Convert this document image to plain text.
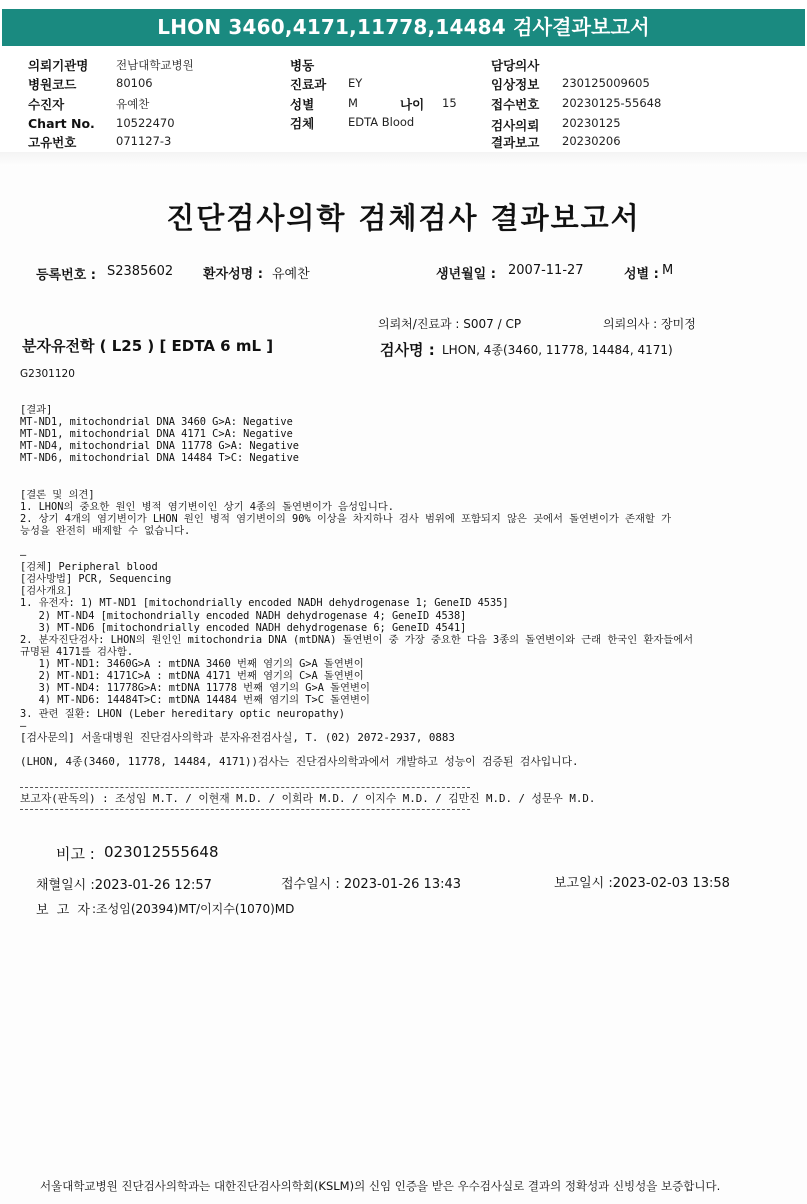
LHON 3460,4171,11778,14484 검사결과보고서
의뢰기관명 전남대학교병원
병원코드	80106
수진자	유예찬
Chart No. 10522470
고유번호	071127-3
병동
진료과 EY
성별	M	나이 15
검체	EDTA Blood
담당의사
임상정보 230125009605
접수번호 20230125-55648
검사의뢰 20230125
결과보고 20230206
진단검사의학 검체검사 결과보고서
등록번호 : S2385602 환자성명 : 유예찬	생년월일 : 2007-11-27	성별 : M
의뢰처/진료과 : S007 / CP	의뢰의사 : 장미정
분자유전학 ( L25 ) [ EDTA 6 mL ]	검사명 : LHON, 4종(3460, 11778, 14484, 4171)
G2301120

[결과]
MT-ND1, mitochondrial DNA 3460 G>A: Negative
MT-ND1, mitochondrial DNA 4171 C>A: Negative
MT-ND4, mitochondrial DNA 11778 G>A: Negative
MT-ND6, mitochondrial DNA 14484 T>C: Negative

[결론 및 의견]
1. LHON의 중요한 원인 병적 염기변이인 상기 4종의 돌연변이가 음성입니다.
2. 상기 4개의 염기변이가 LHON 원인 병적 염기변이의 90% 이상을 차지하나 검사 범위에 포함되지 않은 곳에서 돌연변이가 존재할 가
능성을 완전히 배제할 수 없습니다.

—
[검체] Peripheral blood
[검사방법] PCR, Sequencing
[검사개요]
1. 유전자: 1) MT-ND1 [mitochondrially encoded NADH dehydrogenase 1; GeneID 4535]
2) MT-ND4 [mitochondrially encoded NADH dehydrogenase 4; GeneID 4538]
3) MT-ND6 [mitochondrially encoded NADH dehydrogenase 6; GeneID 4541]
2. 분자진단검사: LHON의 원인인 mitochondria DNA (mtDNA) 돌연변이 중 가장 중요한 다음 3종의 돌연변이와 근래 한국인 환자들에서
규명된 4171를 검사함.
1) MT-ND1: 3460G>A : mtDNA 3460 번째 염기의 G>A 돌연변이
2) MT-ND1: 4171C>A : mtDNA 4171 번째 염기의 C>A 돌연변이
3) MT-ND4: 11778G>A: mtDNA 11778 번째 염기의 G>A 돌연변이
4) MT-ND6: 14484T>C: mtDNA 14484 번째 염기의 T>C 돌연변이

3. 관련 질환: LHON (Leber hereditary optic neuropathy)
—
[검사문의] 서울대병원 진단검사의학과 분자유전검사실, T. (02) 2072-2937, 0883
(LHON, 4종(3460, 11778, 14484, 4171))검사는 진단검사의학과에서 개발하고 성능이 검증된 검사입니다.
보고자(판독의) : 조성임 M.T. / 이현재 M.D. / 이희라 M.D. / 이지수 M.D. / 김만진 M.D. / 성문우 M.D.
비고 : 023012555648
채혈일시 :2023-01-26 12:57	접수일시 : 2023-01-26 13:43	보고일시 :2023-02-03 13:58
보 고 자 :조성임(20394)MT/이지수(1070)MD
서울대학교병원 진단검사의학과는 대한진단검사의학회(KSLM)의 신임 인증을 받은 우수검사실로 결과의 정확성과 신빙성을 보증합니다.
